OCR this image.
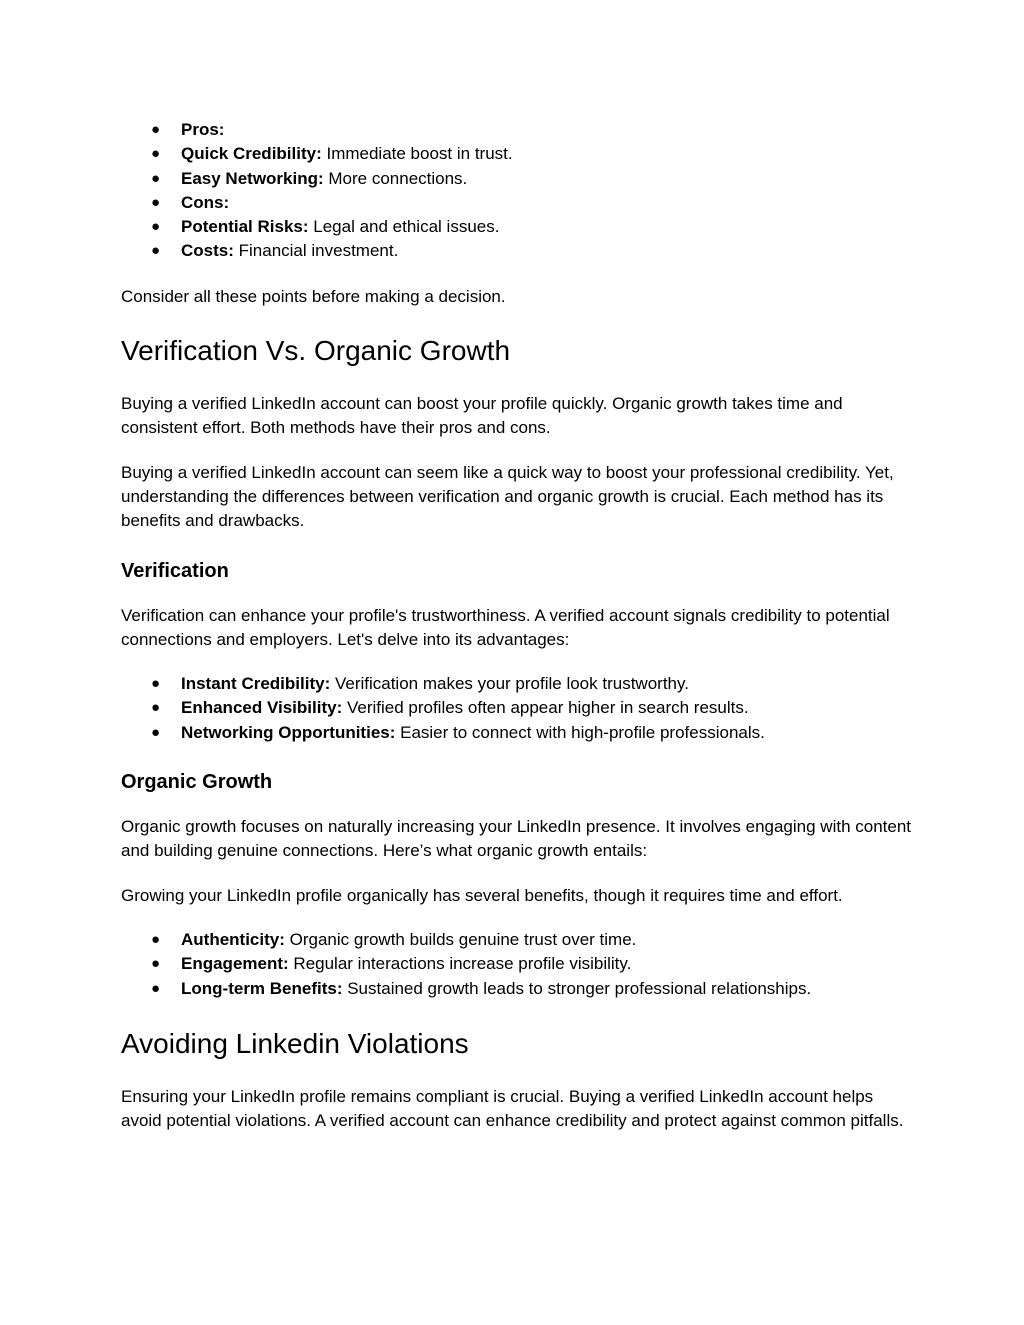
● Pros:
● Quick Credibility: Immediate boost in trust.
● Easy Networking: More connections.
● Cons:
● Potential Risks: Legal and ethical issues.
● Costs: Financial investment.

Consider all these points before making a decision.

Verification Vs. Organic Growth

Buying a verified LinkedIn account can boost your profile quickly. Organic growth takes time and consistent effort. Both methods have their pros and cons.

Buying a verified LinkedIn account can seem like a quick way to boost your professional credibility. Yet, understanding the differences between verification and organic growth is crucial. Each method has its benefits and drawbacks.

Verification

Verification can enhance your profile's trustworthiness. A verified account signals credibility to potential connections and employers. Let's delve into its advantages:

● Instant Credibility: Verification makes your profile look trustworthy.
● Enhanced Visibility: Verified profiles often appear higher in search results.
● Networking Opportunities: Easier to connect with high-profile professionals.
Organic Growth

Organic growth focuses on naturally increasing your LinkedIn presence. It involves engaging with content and building genuine connections. Here’s what organic growth entails:

Growing your LinkedIn profile organically has several benefits, though it requires time and effort.

● Authenticity: Organic growth builds genuine trust over time.
● Engagement: Regular interactions increase profile visibility.
● Long-term Benefits: Sustained growth leads to stronger professional relationships.
Avoiding Linkedin Violations

Ensuring your LinkedIn profile remains compliant is crucial. Buying a verified LinkedIn account helps avoid potential violations. A verified account can enhance credibility and protect against common pitfalls.
